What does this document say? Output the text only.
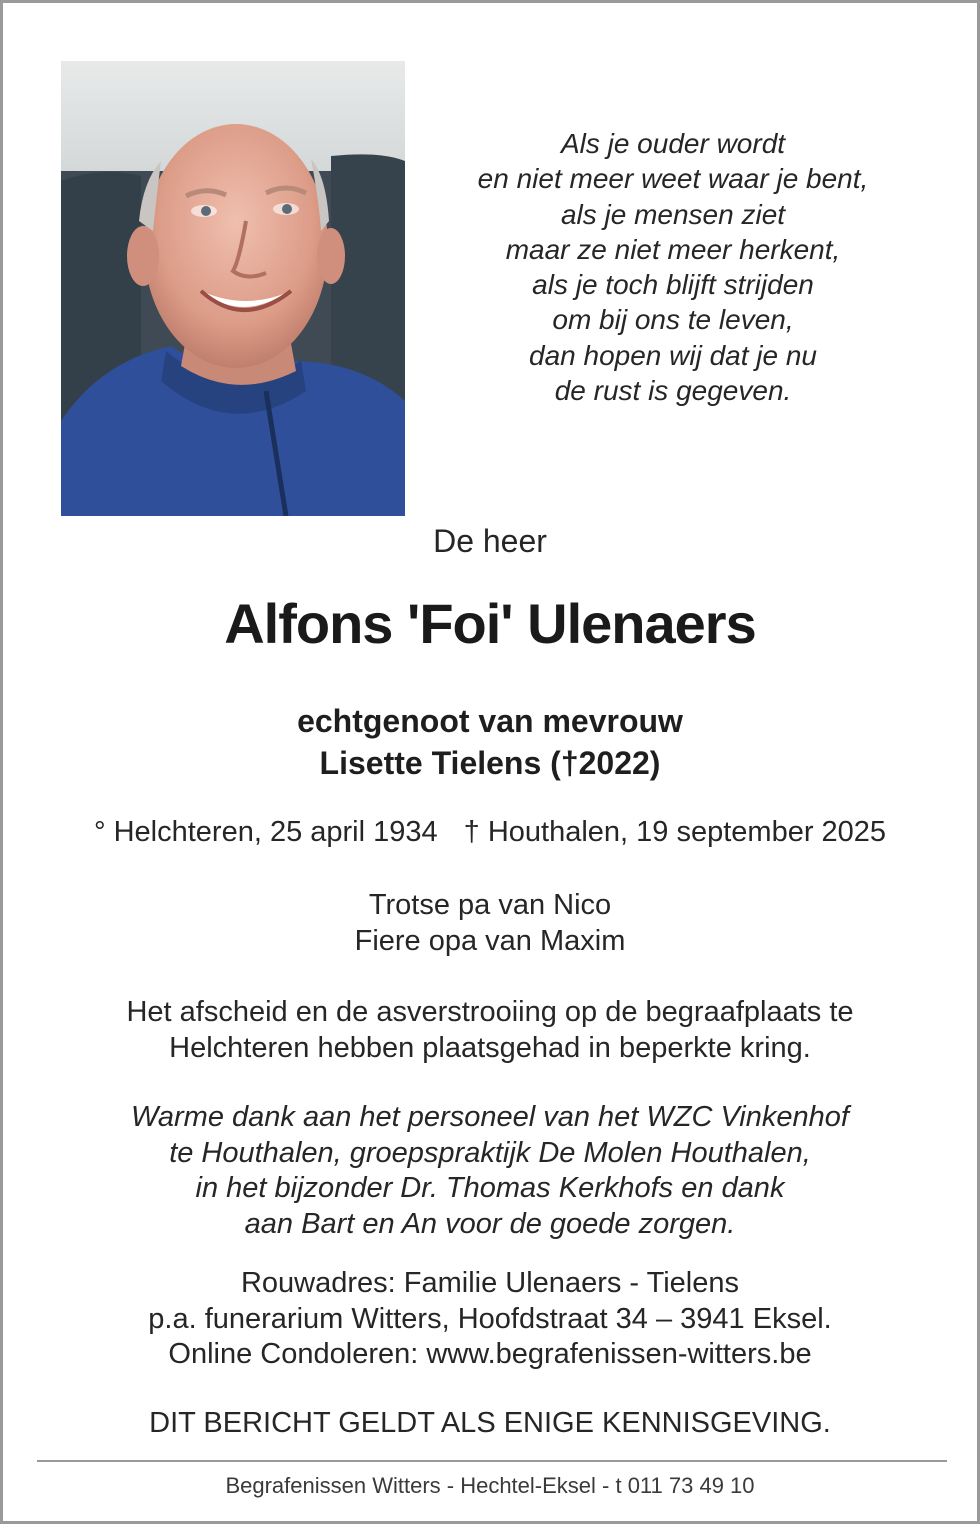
Als je ouder wordt
en niet meer weet waar je bent,
als je mensen ziet
maar ze niet meer herkent,
als je toch blijft strijden
om bij ons te leven,
dan hopen wij dat je nu
de rust is gegeven.
De heer
Alfons 'Foi' Ulenaers
echtgenoot van mevrouw
Lisette Tielens (†2022)
° Helchteren, 25 april 1934 † Houthalen, 19 september 2025
Trotse pa van Nico
Fiere opa van Maxim
Het afscheid en de asverstrooiing op de begraafplaats te
Helchteren hebben plaatsgehad in beperkte kring.
Warme dank aan het personeel van het WZC Vinkenhof
te Houthalen, groepspraktijk De Molen Houthalen,
in het bijzonder Dr. Thomas Kerkhofs en dank
aan Bart en An voor de goede zorgen.
Rouwadres: Familie Ulenaers - Tielens
p.a. funerarium Witters, Hoofdstraat 34 – 3941 Eksel.
Online Condoleren: www.begrafenissen-witters.be
DIT BERICHT GELDT ALS ENIGE KENNISGEVING.
Begrafenissen Witters - Hechtel-Eksel - t 011 73 49 10
